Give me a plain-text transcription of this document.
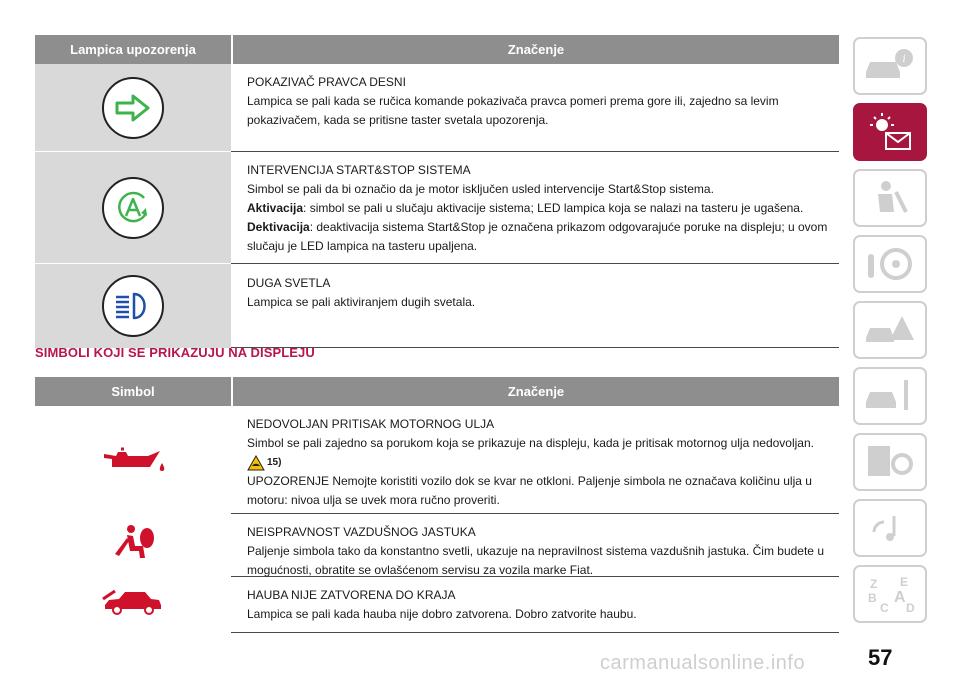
Lampica upozorenja	Značenje
POKAZIVAČ PRAVCA DESNI
Lampica se pali kada se ručica komande pokazivača pravca pomeri prema gore ili, zajedno sa levim pokazivačem, kada se pritisne taster svetala upozorenja.
INTERVENCIJA START&STOP SISTEMA
Simbol se pali da bi označio da je motor isključen usled intervencije Start&Stop sistema.
Aktivacija: simbol se pali u slučaju aktivacije sistema; LED lampica koja se nalazi na tasteru je ugašena.
Dektivacija: deaktivacija sistema Start&Stop je označena prikazom odgovarajuće poruke na displeju; u ovom slučaju je LED lampica na tasteru upaljena.
DUGA SVETLA
Lampica se pali aktiviranjem dugih svetala.
SIMBOLI KOJI SE PRIKAZUJU NA DISPLEJU
Simbol	Značenje
NEDOVOLJAN PRITISAK MOTORNOG ULJA
Simbol se pali zajedno sa porukom koja se prikazuje na displeju, kada je pritisak motornog ulja nedovoljan.
15)
UPOZORENJE Nemojte koristiti vozilo dok se kvar ne otkloni. Paljenje simbola ne označava količinu ulja u motoru: nivoa ulja se uvek mora ručno proveriti.
NEISPRAVNOST VAZDUŠNOG JASTUKA
Paljenje simbola tako da konstantno svetli, ukazuje na nepravilnost sistema vazdušnih jastuka. Čim budete u mogućnosti, obratite se ovlašćenom servisu za vozila marke Fiat.
HAUBA NIJE ZATVORENA DO KRAJA
Lampica se pali kada hauba nije dobro zatvorena. Dobro zatvorite haubu.
i
Z E
B A
C D
57
carmanualsonline.info
